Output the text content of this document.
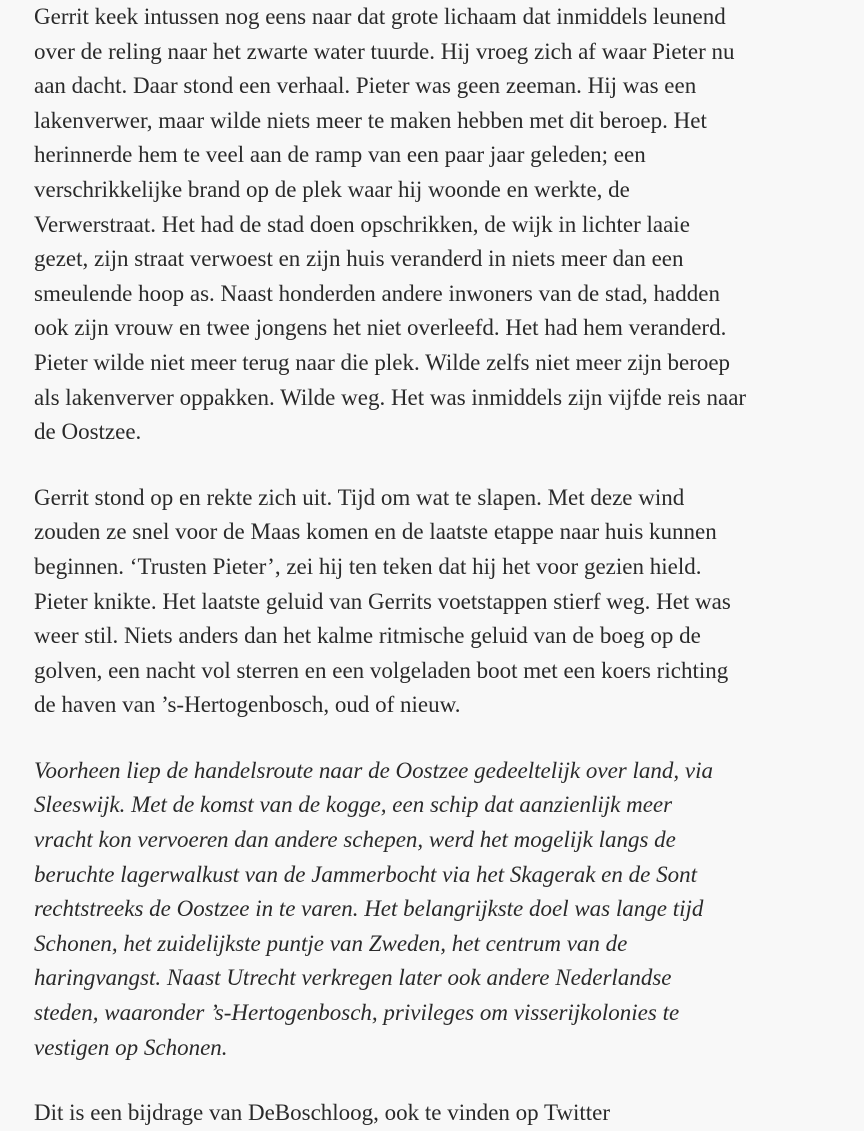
Gerrit keek intussen nog eens naar dat grote lichaam dat inmiddels leunend
over de reling naar het zwarte water tuurde. Hij vroeg zich af waar Pieter nu
aan dacht. Daar stond een verhaal. Pieter was geen zeeman. Hij was een
lakenverwer, maar wilde niets meer te maken hebben met dit beroep. Het
herinnerde hem te veel aan de ramp van een paar jaar geleden; een
verschrikkelijke brand op de plek waar hij woonde en werkte, de
Verwerstraat. Het had de stad doen opschrikken, de wijk in lichter laaie
gezet, zijn straat verwoest en zijn huis veranderd in niets meer dan een
smeulende hoop as. Naast honderden andere inwoners van de stad, hadden
ook zijn vrouw en twee jongens het niet overleefd. Het had hem veranderd.
Pieter wilde niet meer terug naar die plek. Wilde zelfs niet meer zijn beroep
als lakenverver oppakken. Wilde weg. Het was inmiddels zijn vijfde reis naar
de Oostzee.

Gerrit stond op en rekte zich uit. Tijd om wat te slapen. Met deze wind
zouden ze snel voor de Maas komen en de laatste etappe naar huis kunnen
beginnen. ‘Trusten Pieter’, zei hij ten teken dat hij het voor gezien hield.
Pieter knikte. Het laatste geluid van Gerrits voetstappen stierf weg. Het was
weer stil. Niets anders dan het kalme ritmische geluid van de boeg op de
golven, een nacht vol sterren en een volgeladen boot met een koers richting
de haven van ’s-Hertogenbosch, oud of nieuw.

Voorheen liep de handelsroute naar de Oostzee gedeeltelijk over land, via
Sleeswijk. Met de komst van de kogge, een schip dat aanzienlijk meer
vracht kon vervoeren dan andere schepen, werd het mogelijk langs de
beruchte lagerwalkust van de Jammerbocht via het Skagerak en de Sont
rechtstreeks de Oostzee in te varen. Het belangrijkste doel was lange tijd
Schonen, het zuidelijkste puntje van Zweden, het centrum van de
haringvangst. Naast Utrecht verkregen later ook andere Nederlandse
steden, waaronder ’s-Hertogenbosch, privileges om visserijkolonies te
vestigen op Schonen.

Dit is een bijdrage van DeBoschloog, ook te vinden op Twitter
